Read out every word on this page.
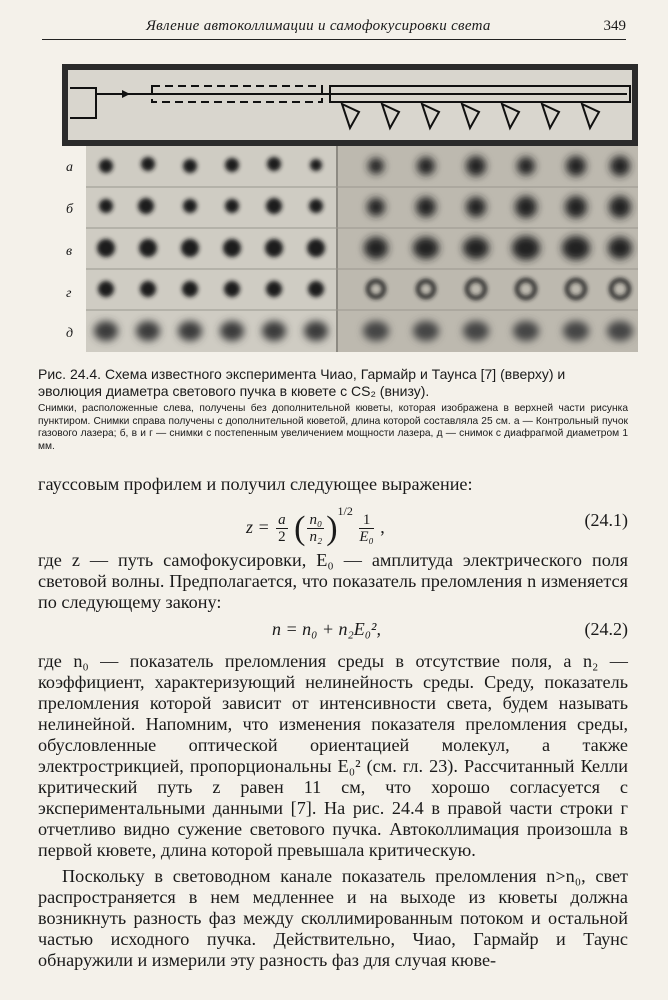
Явление автоколлимации и самофокусировки света	349
а
б
в
г
д
Рис. 24.4. Схема известного эксперимента Чиао, Гармайр и Таунса [7] (вверху) и эволюция диаметра светового пучка в кювете с CS₂ (внизу).
Снимки, расположенные слева, получены без дополнительной кюветы, которая изображена в верхней части рисунка пунктиром. Снимки справа получены с дополнительной кюветой, длина которой составляла 25 см. а — Контрольный пучок газового лазера; б, в и г — снимки с постепенным увеличением мощности лазера, д — снимок с диафрагмой диаметром 1 мм.
гауссовым профилем и получил следующее выражение:
$z = \frac{a}{2}$ ( $\frac{\text{n₀}}{\text{n₂}} )^{1/2}$
$\frac{1}{\text{E₀}}$ ,	(24.1)
где z — путь самофокусировки, E₀ — амплитуда электрического поля световой волны. Предполагается, что показатель преломления n изменяется по следующему закону:
n = n₀ + n₂E₀²,	(24.2)
где n₀ — показатель преломления среды в отсутствие поля, а n₂ — коэффициент, характеризующий нелинейность среды. Среду, показатель преломления которой зависит от интенсивности света, будем называть нелинейной. Напомним, что изменения показателя преломления среды, обусловленные оптической ориентацией молекул, а также электрострикцией, пропорциональны E₀² (см. гл. 23). Рассчитанный Келли критический путь z равен 11 см, что хорошо согласуется с экспериментальными данными [7]. На рис. 24.4 в правой части строки г отчетливо видно сужение светового пучка. Автоколлимация произошла в первой кювете, длина которой превышала критическую.
Поскольку в световодном канале показатель преломления n>n₀, свет распространяется в нем медленнее и на выходе из кюветы должна возникнуть разность фаз между сколлимированным потоком и остальной частью исходного пучка. Действительно, Чиао, Гармайр и Таунс обнаружили и измерили эту разность фаз для случая кюве-
